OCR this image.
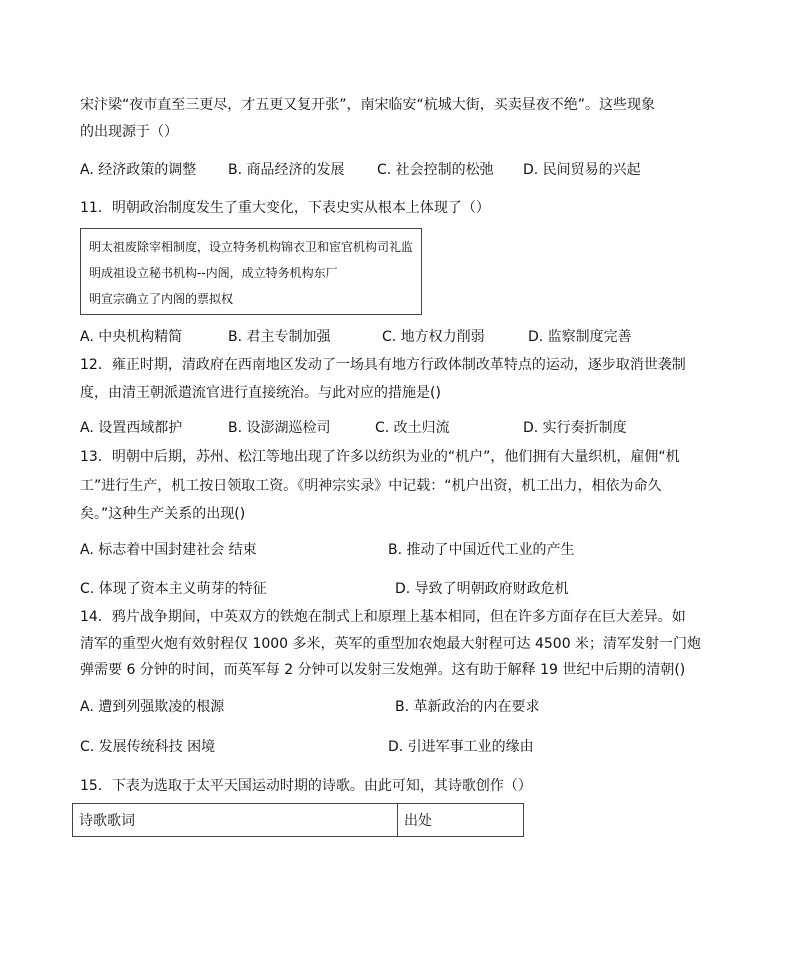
宋汴梁“夜市直至三更尽，才五更又复开张”，南宋临安“杭城大街，买卖昼夜不绝”。这些现象
的出现源于（）
A. 经济政策的调整 B. 商品经济的发展 C. 社会控制的松弛 D. 民间贸易的兴起
11．明朝政治制度发生了重大变化，下表史实从根本上体现了（）
明太祖废除宰相制度，设立特务机构锦衣卫和宦官机构司礼监
明成祖设立秘书机构--内阁，成立特务机构东厂
明宣宗确立了内阁的票拟权
A. 中央机构精简	B. 君主专制加强	C. 地方权力削弱	D. 监察制度完善
12．雍正时期，清政府在西南地区发动了一场具有地方行政体制改革特点的运动，逐步取消世袭制
度，由清王朝派遣流官进行直接统治。与此对应的措施是()
A. 设置西域都护	B. 设澎湖巡检司	C. 改土归流	D. 实行奏折制度
13．明朝中后期，苏州、松江等地出现了许多以纺织为业的“机户”，他们拥有大量织机，雇佣“机
工”进行生产，机工按日领取工资。《明神宗实录》中记载：“机户出资，机工出力，相依为命久
矣。”这种生产关系的出现()
A. 标志着中国封建社会 结束	B. 推动了中国近代工业的产生
C. 体现了资本主义萌芽的特征	D. 导致了明朝政府财政危机
14．鸦片战争期间，中英双方的铁炮在制式上和原理上基本相同，但在许多方面存在巨大差异。如
清军的重型火炮有效射程仅 1000 多米，英军的重型加农炮最大射程可达 4500 米；清军发射一门炮
弹需要 6 分钟的时间，而英军每 2 分钟可以发射三发炮弹。这有助于解释 19 世纪中后期的清朝()
A. 遭到列强欺凌的根源	B. 革新政治的内在要求
C. 发展传统科技 困境	D. 引进军事工业的缘由
15．下表为选取于太平天国运动时期的诗歌。由此可知，其诗歌创作（）
诗歌歌词	出处
